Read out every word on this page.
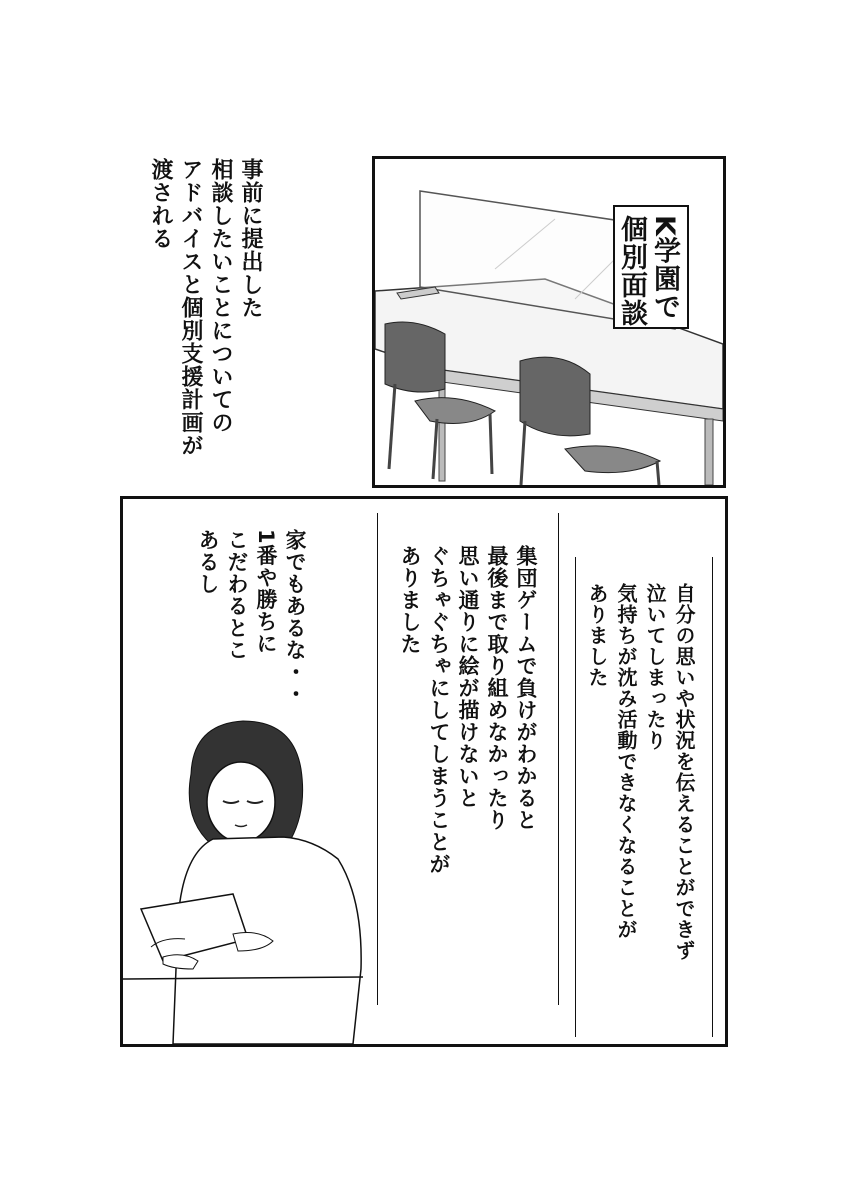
事前に提出した
相談したいことについての
アドバイスと個別支援計画が
渡される
K学園で
個別面談
家でもあるな・・
1番や勝ちに
こだわるとこ
あるし	集団ゲームで負けがわかると
最後まで取り組めなかったり
思い通りに絵が描けないと
ぐちゃぐちゃにしてしまうことが
ありました	自分の思いや状況を伝えることができず
泣いてしまったり
気持ちが沈み活動できなくなることが
ありました
